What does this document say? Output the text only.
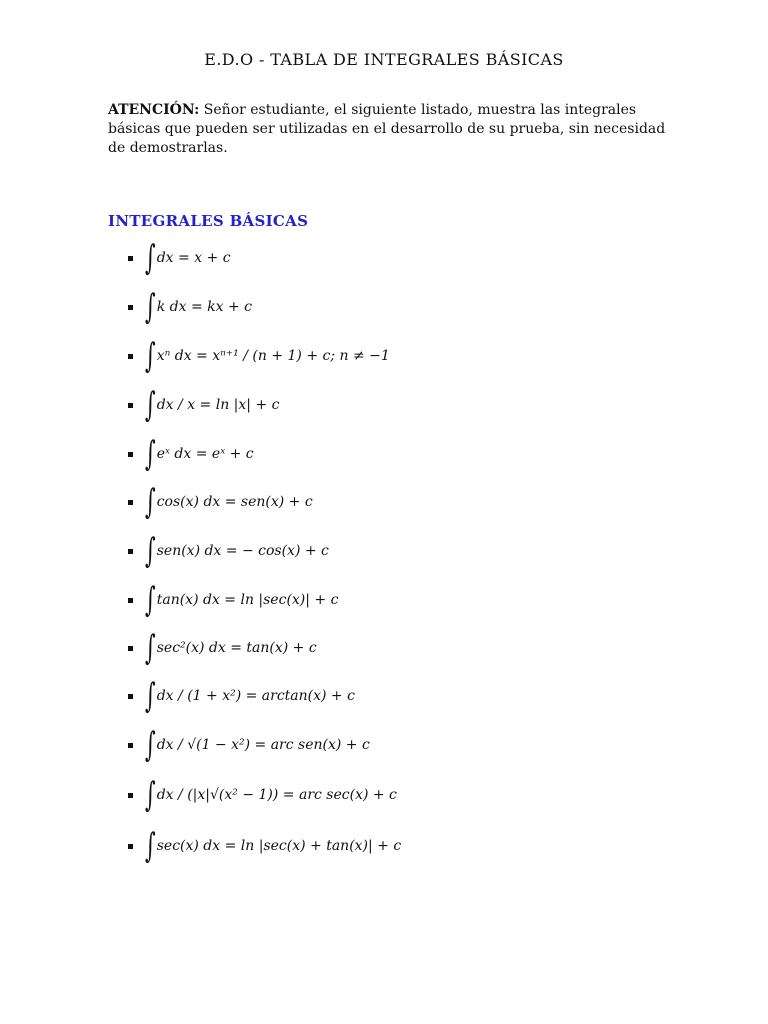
E.D.O - TABLA DE INTEGRALES BÁSICAS
ATENCIÓN: Señor estudiante, el siguiente listado, muestra las integrales básicas que pueden ser utilizadas en el desarrollo de su prueba, sin necesidad de demostrarlas.
INTEGRALES BÁSICAS
∫ dx = x + c
∫ k dx = kx + c
∫ xⁿ dx = xⁿ⁺¹ / (n + 1) + c; n ≠ −1
∫ dx / x = ln |x| + c
∫ eˣ dx = eˣ + c
∫ cos(x) dx = sen(x) + c
∫ sen(x) dx = − cos(x) + c
∫ tan(x) dx = ln |sec(x)| + c
∫ sec²(x) dx = tan(x) + c
∫ dx / (1 + x²) = arctan(x) + c
∫ dx / √(1 − x²) = arc sen(x) + c
∫ dx / (|x|√(x² − 1)) = arc sec(x) + c
∫ sec(x) dx = ln |sec(x) + tan(x)| + c
